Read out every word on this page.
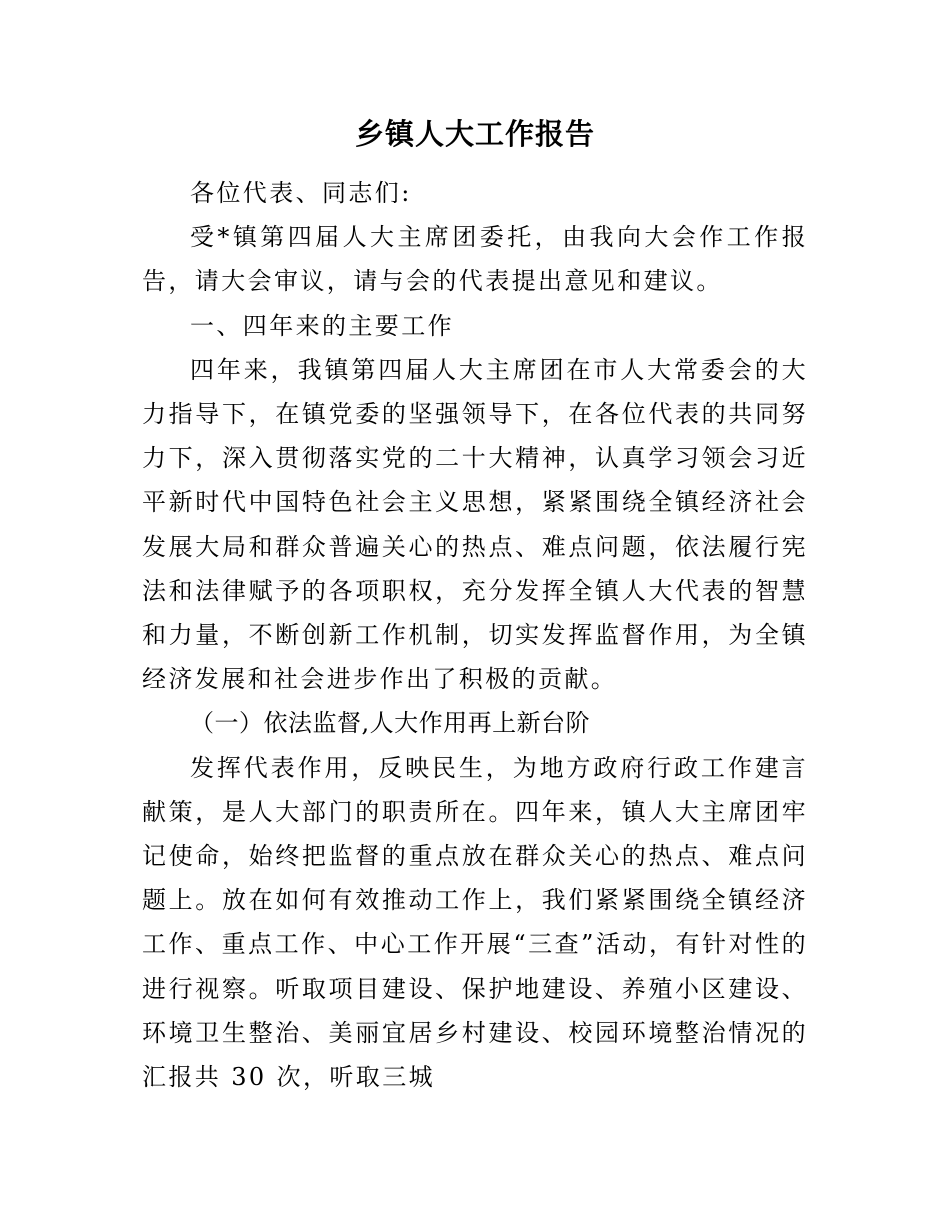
乡镇人大工作报告

各位代表、同志们:

受*镇第四届人大主席团委托，由我向大会作工作报告，请大会审议，请与会的代表提出意见和建议。

一、四年来的主要工作

四年来，我镇第四届人大主席团在市人大常委会的大力指导下，在镇党委的坚强领导下，在各位代表的共同努力下，深入贯彻落实党的二十大精神，认真学习领会习近平新时代中国特色社会主义思想，紧紧围绕全镇经济社会发展大局和群众普遍关心的热点、难点问题，依法履行宪法和法律赋予的各项职权，充分发挥全镇人大代表的智慧和力量，不断创新工作机制，切实发挥监督作用，为全镇经济发展和社会进步作出了积极的贡献。

（一）依法监督,人大作用再上新台阶

发挥代表作用，反映民生，为地方政府行政工作建言献策，是人大部门的职责所在。四年来，镇人大主席团牢记使命，始终把监督的重点放在群众关心的热点、难点问题上。放在如何有效推动工作上，我们紧紧围绕全镇经济工作、重点工作、中心工作开展“三查”活动，有针对性的进行视察。听取项目建设、保护地建设、养殖小区建设、环境卫生整治、美丽宜居乡村建设、校园环境整治情况的汇报共 30 次，听取三城
